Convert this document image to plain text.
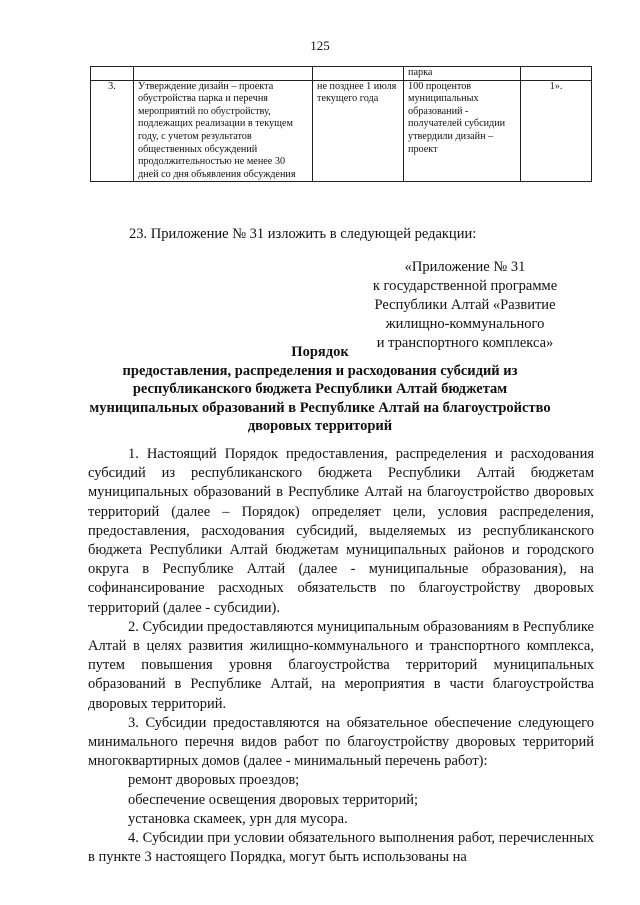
125
			парка	
3.	Утверждение дизайн – проекта обустройства парка и перечня мероприятий по обустройству, подлежащих реализации в текущем году, с учетом результатов общественных обсуждений продолжительностью не менее 30 дней со дня объявления обсуждения	не позднее 1 июля текущего года	100 процентов муниципальных образований - получателей субсидии утвердили дизайн – проект	1».
23. Приложение № 31 изложить в следующей редакции:
«Приложение № 31
к государственной программе
Республики Алтай «Развитие
жилищно-коммунального
и транспортного комплекса»
Порядок
предоставления, распределения и расходования субсидий из
республиканского бюджета Республики Алтай бюджетам
муниципальных образований в Республике Алтай на благоустройство
дворовых территорий

1. Настоящий Порядок предоставления, распределения и расходования субсидий из республиканского бюджета Республики Алтай бюджетам муниципальных образований в Республике Алтай на благоустройство дворовых территорий (далее – Порядок) определяет цели, условия распределения, предоставления, расходования субсидий, выделяемых из республиканского бюджета Республики Алтай бюджетам муниципальных районов и городского округа в Республике Алтай (далее - муниципальные образования), на софинансирование расходных обязательств по благоустройству дворовых территорий (далее - субсидии).

2. Субсидии предоставляются муниципальным образованиям в Республике Алтай в целях развития жилищно-коммунального и транспортного комплекса, путем повышения уровня благоустройства территорий муниципальных образований в Республике Алтай, на мероприятия в части благоустройства дворовых территорий.

3. Субсидии предоставляются на обязательное обеспечение следующего минимального перечня видов работ по благоустройству дворовых территорий многоквартирных домов (далее - минимальный перечень работ):

ремонт дворовых проездов;

обеспечение освещения дворовых территорий;

установка скамеек, урн для мусора.

4. Субсидии при условии обязательного выполнения работ, перечисленных в пункте 3 настоящего Порядка, могут быть использованы на
